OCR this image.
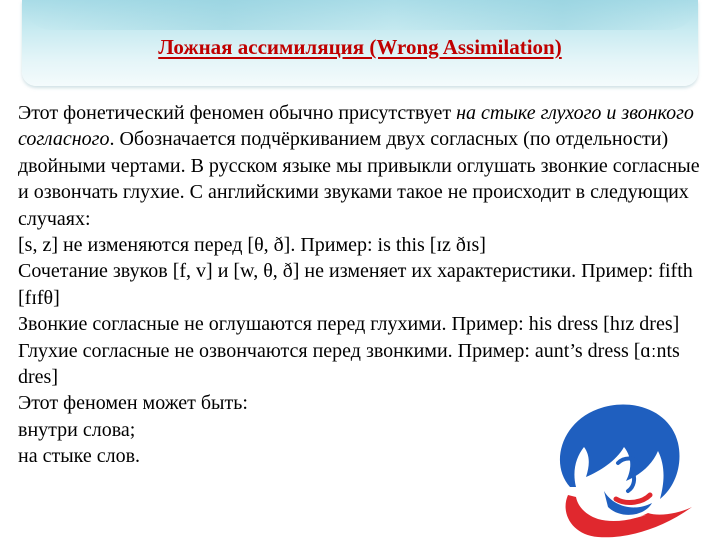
Ложная ассимиляция (Wrong Assimilation)

Этот фонетический феномен обычно присутствует на стыке глухого и звонкого согласного. Обозначается подчёркиванием двух согласных (по отдельности) двойными чертами. В русском языке мы привыкли оглушать звонкие согласные и озвончать глухие. С английскими звуками такое не происходит в следующих случаях:

[s, z] не изменяются перед [θ, ð]. Пример: is this [ɪz ðɪs]

Сочетание звуков [f, v] и [w, θ, ð] не изменяет их характеристики. Пример: fifth [fɪfθ]

Звонкие согласные не оглушаются перед глухими. Пример: his dress [hɪz dres]

Глухие согласные не озвончаются перед звонкими. Пример: aunt’s dress [ɑːnts dres]

Этот феномен может быть:

внутри слова;

на стыке слов.
